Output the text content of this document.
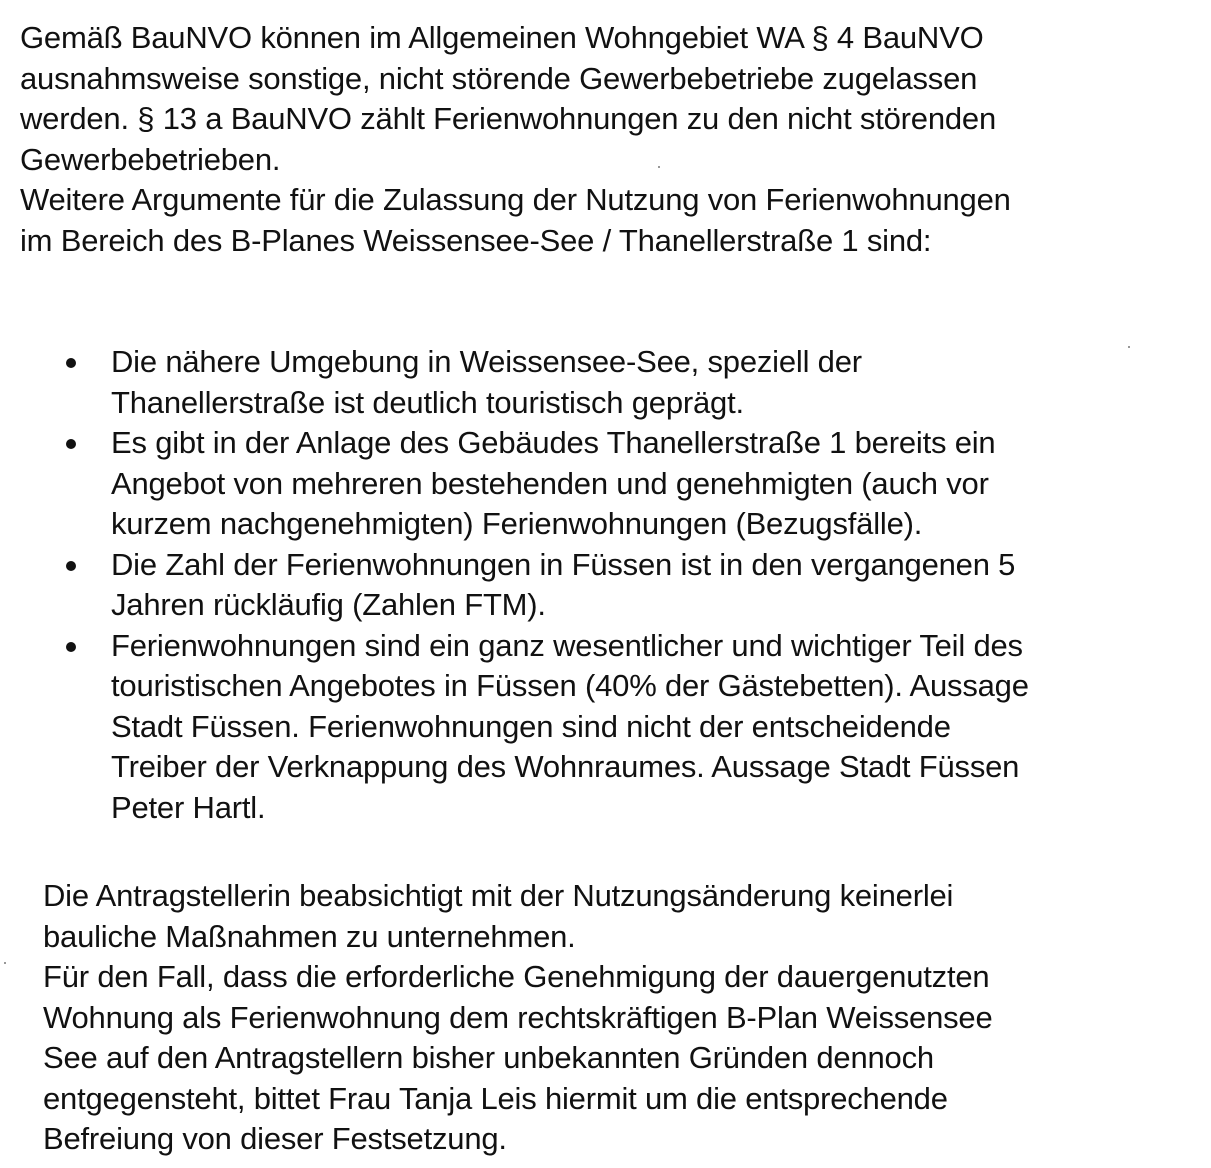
Gemäß BauNVO können im Allgemeinen Wohngebiet WA § 4 BauNVO
ausnahmsweise sonstige, nicht störende Gewerbebetriebe zugelassen
werden. § 13 a BauNVO zählt Ferienwohnungen zu den nicht störenden
Gewerbebetrieben.
Weitere Argumente für die Zulassung der Nutzung von Ferienwohnungen
im Bereich des B-Planes Weissensee-See / Thanellerstraße 1 sind:

Die nähere Umgebung in Weissensee-See, speziell der
Thanellerstraße ist deutlich touristisch geprägt.
Es gibt in der Anlage des Gebäudes Thanellerstraße 1 bereits ein
Angebot von mehreren bestehenden und genehmigten (auch vor
kurzem nachgenehmigten) Ferienwohnungen (Bezugsfälle).
Die Zahl der Ferienwohnungen in Füssen ist in den vergangenen 5
Jahren rückläufig (Zahlen FTM).
Ferienwohnungen sind ein ganz wesentlicher und wichtiger Teil des
touristischen Angebotes in Füssen (40% der Gästebetten). Aussage
Stadt Füssen. Ferienwohnungen sind nicht der entscheidende
Treiber der Verknappung des Wohnraumes. Aussage Stadt Füssen
Peter Hartl.

Die Antragstellerin beabsichtigt mit der Nutzungsänderung keinerlei
bauliche Maßnahmen zu unternehmen.
Für den Fall, dass die erforderliche Genehmigung der dauergenutzten
Wohnung als Ferienwohnung dem rechtskräftigen B-Plan Weissensee
See auf den Antragstellern bisher unbekannten Gründen dennoch
entgegensteht, bittet Frau Tanja Leis hiermit um die entsprechende
Befreiung von dieser Festsetzung.
